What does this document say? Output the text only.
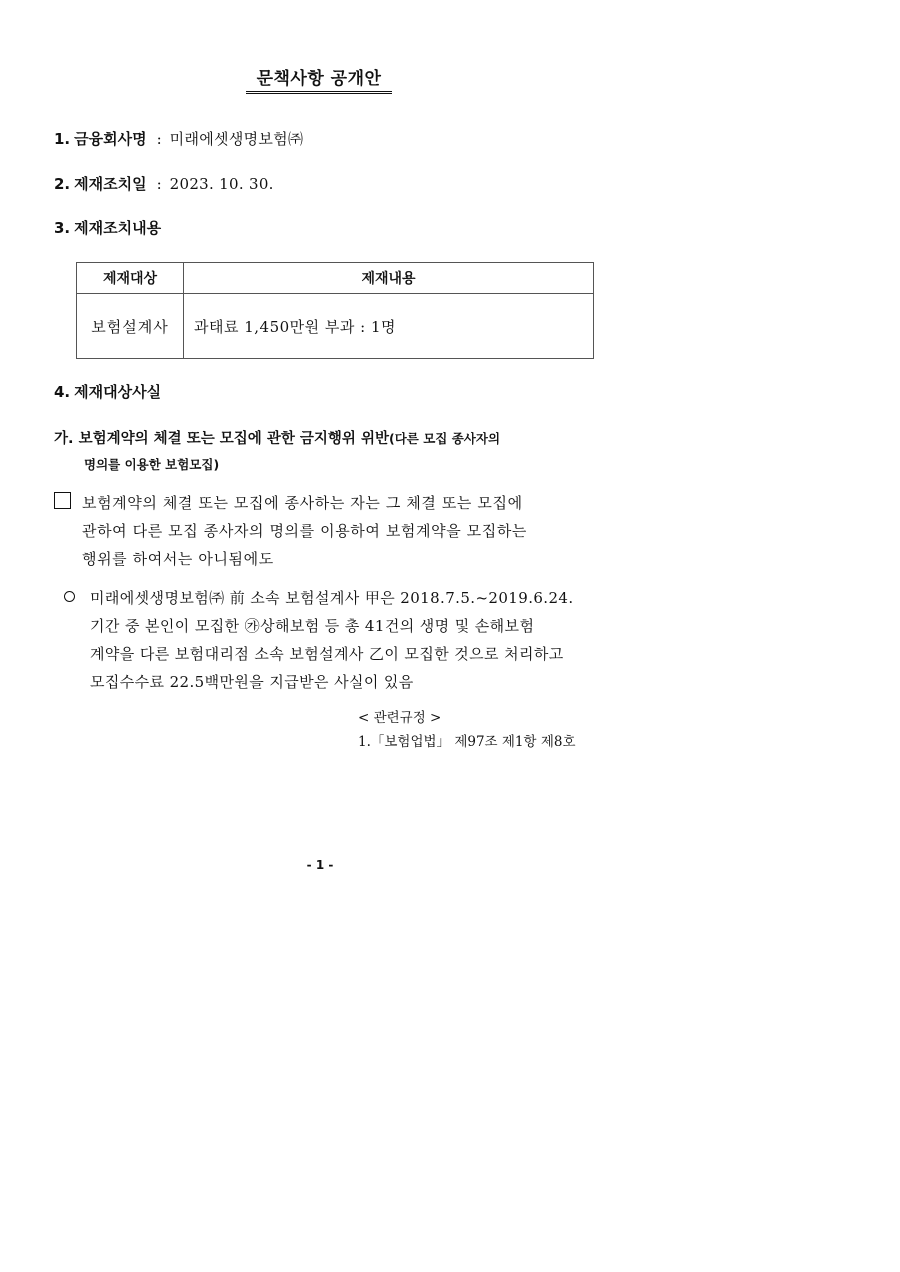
문책사항 공개안
1. 금융회사명 : 미래에셋생명보험㈜
2. 제재조치일 : 2023. 10. 30.
3. 제재조치내용
제재대상	제재내용
보험설계사	과태료 1,450만원 부과 : 1명
4. 제재대상사실
가. 보험계약의 체결 또는 모집에 관한 금지행위 위반(다른 모집 종사자의
명의를 이용한 보험모집)
보험계약의 체결 또는 모집에 종사하는 자는 그 체결 또는 모집에
관하여 다른 모집 종사자의 명의를 이용하여 보험계약을 모집하는
행위를 하여서는 아니됨에도
미래에셋생명보험㈜ 前 소속 보험설계사 甲은 2018.7.5.~2019.6.24.
기간 중 본인이 모집한 ㉮상해보험 등 총 41건의 생명 및 손해보험
계약을 다른 보험대리점 소속 보험설계사 乙이 모집한 것으로 처리하고
모집수수료 22.5백만원을 지급받은 사실이 있음
< 관련규정 >
1.「보험업법」 제97조 제1항 제8호
- 1 -
